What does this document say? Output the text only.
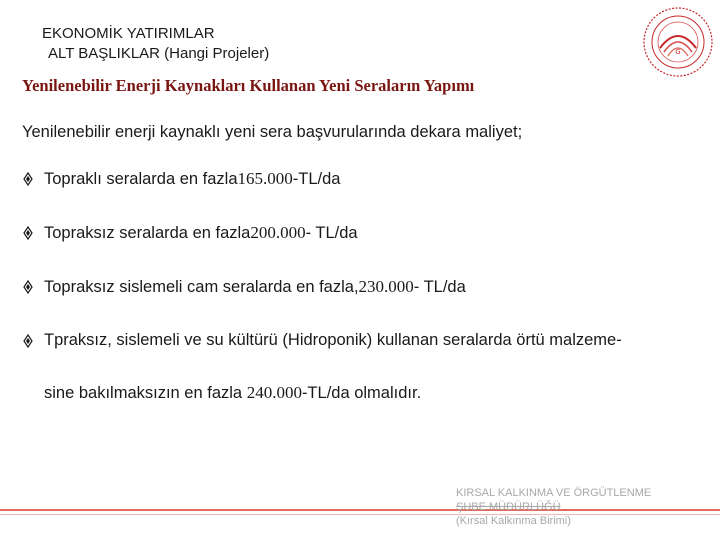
EKONOMİK YATIRIMLAR
ALT BAŞLIKLAR (Hangi Projeler)	G
Yenilenebilir Enerji Kaynakları Kullanan Yeni Seraların Yapımı
Yenilenebilir enerji kaynaklı yeni sera başvurularında dekara maliyet;
Topraklı seralarda en fazla 165.000 -TL/da
Topraksız seralarda en fazla 200.000 - TL/da
Topraksız sislemeli cam seralarda en fazla, 230.000 - TL/da
Tpraksız, sislemeli ve su kültürü (Hidroponik) kullanan seralarda örtü malzeme-
sine bakılmaksızın en fazla 240.000-TL/da olmalıdır.
KIRSAL KALKINMA VE ÖRGÜTLENME
ŞUBE MÜDÜRLÜĞÜ
(Kırsal Kalkınma Birimi)
